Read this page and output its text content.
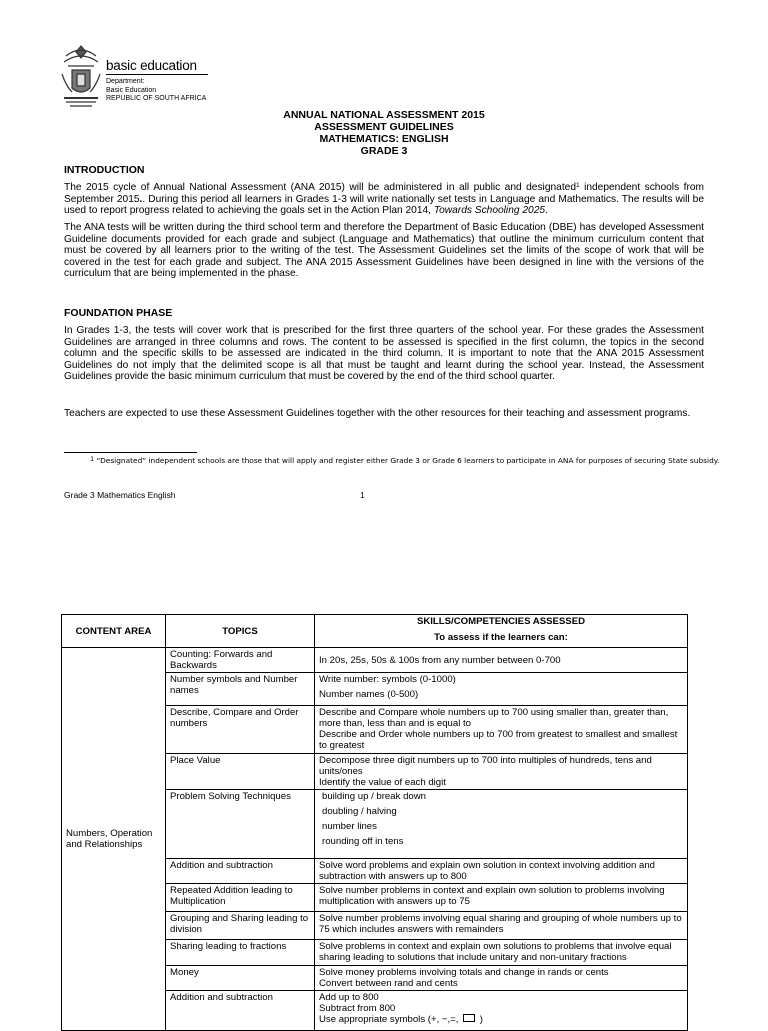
basic education
Department:
Basic Education
REPUBLIC OF SOUTH AFRICA
ANNUAL NATIONAL ASSESSMENT 2015
ASSESSMENT GUIDELINES
MATHEMATICS: ENGLISH
GRADE 3
INTRODUCTION
The 2015 cycle of Annual National Assessment (ANA 2015) will be administered in all public and designated$^1$ independent schools from September 2015.. During this period all learners in Grades 1-3 will write nationally set tests in Language and Mathematics. The results will be used to report progress related to achieving the goals set in the Action Plan 2014, Towards Schooling 2025.
The ANA tests will be written during the third school term and therefore the Department of Basic Education (DBE) has developed Assessment Guideline documents provided for each grade and subject (Language and Mathematics) that outline the minimum curriculum content that must be covered by all learners prior to the writing of the test. The Assessment Guidelines set the limits of the scope of work that will be covered in the test for each grade and subject. The ANA 2015 Assessment Guidelines have been designed in line with the versions of the curriculum that are being implemented in the phase.
FOUNDATION PHASE
In Grades 1-3, the tests will cover work that is prescribed for the first three quarters of the school year. For these grades the Assessment Guidelines are arranged in three columns and rows. The content to be assessed is specified in the first column, the topics in the second column and the specific skills to be assessed are indicated in the third column. It is important to note that the ANA 2015 Assessment Guidelines do not imply that the delimited scope is all that must be taught and learnt during the school year. Instead, the Assessment Guidelines provide the basic minimum curriculum that must be covered by the end of the third school quarter.
Teachers are expected to use these Assessment Guidelines together with the other resources for their teaching and assessment programs.
$^1$ “Designated” independent schools are those that will apply and register either Grade 3 or Grade 6 learners to participate in ANA for purposes of securing State subsidy.
Grade 3 Mathematics English	1
CONTENT AREA	TOPICS	SKILLS/COMPETENCIES ASSESSED
To assess if the learners can:

Numbers, Operation and Relationships	Counting: Forwards and Backwards	In 20s, 25s, 50s & 100s from any number between 0-700

	Number symbols and Number names	Write number: symbols (0-1000)
Number names (0-500)

	Describe, Compare and Order numbers	Describe and Compare whole numbers up to 700 using smaller than, greater than, more than, less than and is equal to
Describe and Order whole numbers up to 700 from greatest to smallest and smallest to greatest

	Place Value	Decompose three digit numbers up to 700 into multiples of hundreds, tens and units/ones
Identify the value of each digit

	Problem Solving Techniques	building up / break down
doubling / halving
number lines
rounding off in tens

	Addition and subtraction	Solve word problems and explain own solution in context involving addition and subtraction with answers up to 800
	Repeated Addition leading to Multiplication	Solve number problems in context and explain own solution to problems involving multiplication with answers up to 75
	Grouping and Sharing leading to division	Solve number problems involving equal sharing and grouping of whole numbers up to 75 which includes answers with remainders
	Sharing leading to fractions	Solve problems in context and explain own solutions to problems that involve equal sharing leading to solutions that include unitary and non-unitary fractions
	Money	Solve money problems involving totals and change in rands or cents
Convert between rand and cents

	Addition and subtraction	Add up to 800
Subtract from 800
Use appropriate symbols (+, −,=,  )
